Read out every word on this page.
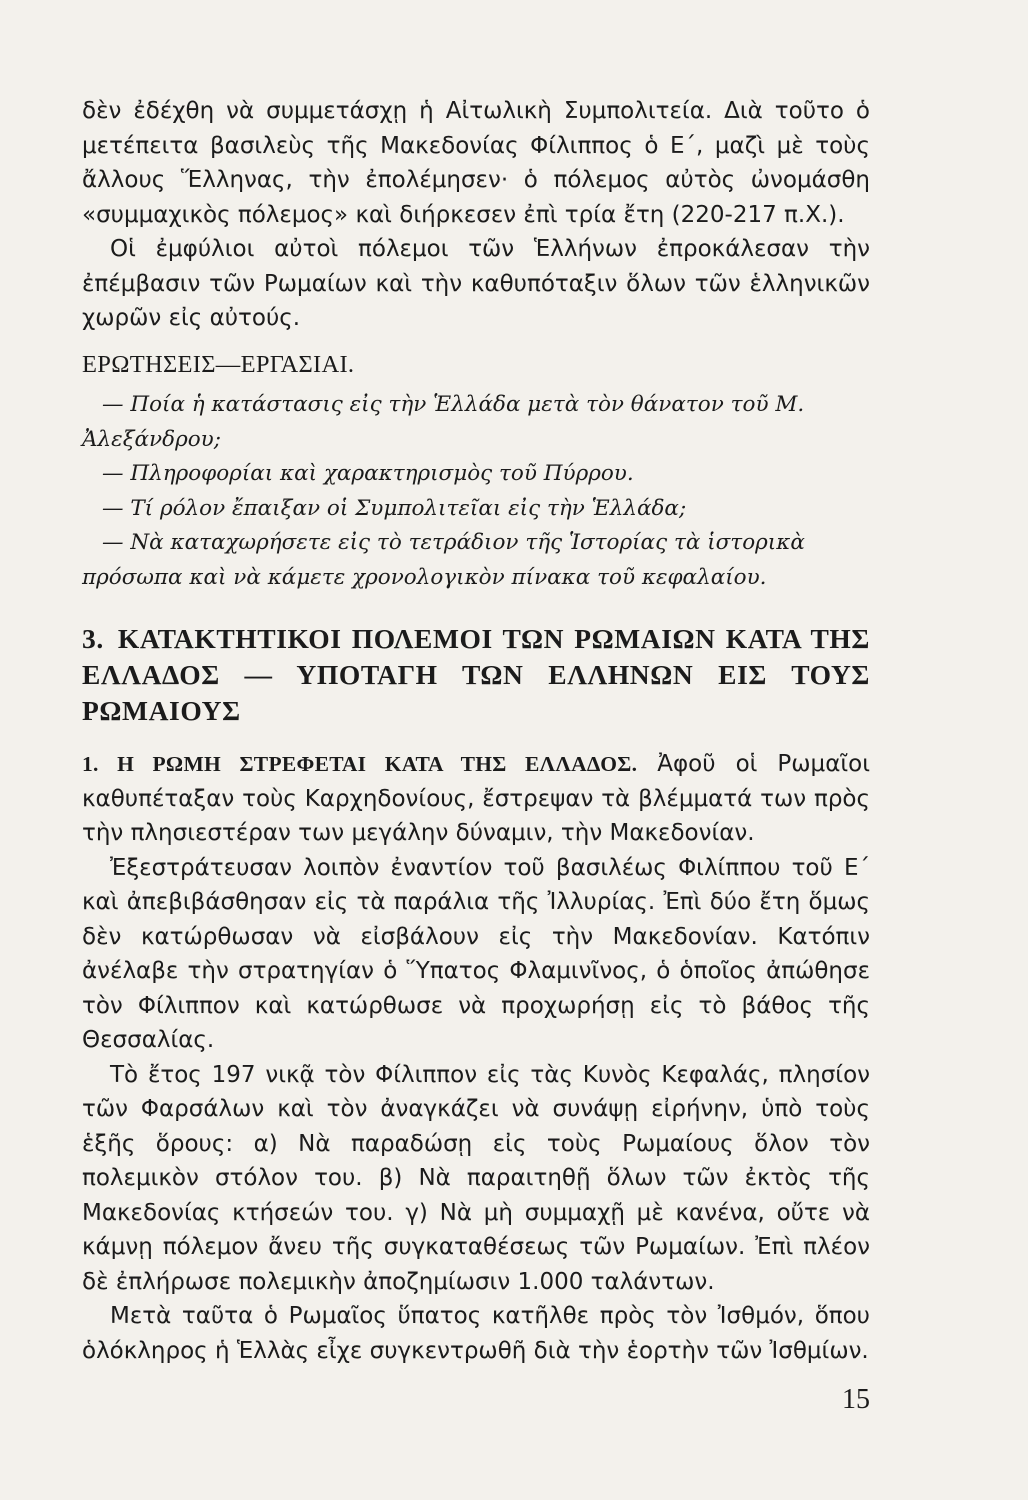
δὲν ἐδέχθη νὰ συμμετάσχῃ ἡ Αἰτωλικὴ Συμπολιτεία. Διὰ τοῦτο ὁ μετέπειτα βασιλεὺς τῆς Μακεδονίας Φίλιππος ὁ Ε΄, μαζὶ μὲ τοὺς ἄλλους Ἕλληνας, τὴν ἐπολέμησεν· ὁ πόλεμος αὐτὸς ὠνομάσθη «συμμαχικὸς πόλεμος» καὶ διήρκεσεν ἐπὶ τρία ἔτη (220-217 π.Χ.).

Οἱ ἐμφύλιοι αὐτοὶ πόλεμοι τῶν Ἑλλήνων ἐπροκάλεσαν τὴν ἐπέμβασιν τῶν Ρωμαίων καὶ τὴν καθυπόταξιν ὅλων τῶν ἑλληνικῶν χωρῶν εἰς αὐτούς.

ΕΡΩΤΗΣΕΙΣ—ΕΡΓΑΣΙΑΙ.

— Ποία ἡ κατάστασις εἰς τὴν Ἑλλάδα μετὰ τὸν θάνατον τοῦ Μ. Ἀλεξάνδρου;

— Πληροφορίαι καὶ χαρακτηρισμὸς τοῦ Πύρρου.

— Τί ρόλον ἔπαιξαν οἱ Συμπολιτεῖαι εἰς τὴν Ἑλλάδα;

— Νὰ καταχωρήσετε εἰς τὸ τετράδιον τῆς Ἱστορίας τὰ ἱστορικὰ πρόσωπα καὶ νὰ κάμετε χρονολογικὸν πίνακα τοῦ κεφαλαίου.

3. ΚΑΤΑΚΤΗΤΙΚΟΙ ΠΟΛΕΜΟΙ ΤΩΝ ΡΩΜΑΙΩΝ ΚΑΤΑ ΤΗΣ ΕΛΛΑΔΟΣ — ΥΠΟΤΑΓΗ ΤΩΝ ΕΛΛΗΝΩΝ ΕΙΣ ΤΟΥΣ ΡΩΜΑΙΟΥΣ

1. Η ΡΩΜΗ ΣΤΡΕΦΕΤΑΙ ΚΑΤΑ ΤΗΣ ΕΛΛΑΔΟΣ. Ἀφοῦ οἱ Ρωμαῖοι καθυπέταξαν τοὺς Καρχηδονίους, ἔστρεψαν τὰ βλέμματά των πρὸς τὴν πλησιεστέραν των μεγάλην δύναμιν, τὴν Μακεδονίαν.

Ἐξεστράτευσαν λοιπὸν ἐναντίον τοῦ βασιλέως Φιλίππου τοῦ Ε΄ καὶ ἀπεβιβάσθησαν εἰς τὰ παράλια τῆς Ἰλλυρίας. Ἐπὶ δύο ἔτη ὅμως δὲν κατώρθωσαν νὰ εἰσβάλουν εἰς τὴν Μακεδονίαν. Κατόπιν ἀνέλαβε τὴν στρατηγίαν ὁ Ὕπατος Φλαμινῖνος, ὁ ὁποῖος ἀπώθησε τὸν Φίλιππον καὶ κατώρθωσε νὰ προχωρήσῃ εἰς τὸ βάθος τῆς Θεσσαλίας.

Τὸ ἔτος 197 νικᾷ τὸν Φίλιππον εἰς τὰς Κυνὸς Κεφαλάς, πλησίον τῶν Φαρσάλων καὶ τὸν ἀναγκάζει νὰ συνάψῃ εἰρήνην, ὑπὸ τοὺς ἑξῆς ὅρους: α) Νὰ παραδώσῃ εἰς τοὺς Ρωμαίους ὅλον τὸν πολεμικὸν στόλον του. β) Νὰ παραιτηθῇ ὅλων τῶν ἐκτὸς τῆς Μακεδονίας κτήσεών του. γ) Νὰ μὴ συμμαχῇ μὲ κανένα, οὔτε νὰ κάμνῃ πόλεμον ἄνευ τῆς συγκαταθέσεως τῶν Ρωμαίων. Ἐπὶ πλέον δὲ ἐπλήρωσε πολεμικὴν ἀποζημίωσιν 1.000 ταλάντων.

Μετὰ ταῦτα ὁ Ρωμαῖος ὕπατος κατῆλθε πρὸς τὸν Ἰσθμόν, ὅπου ὁλόκληρος ἡ Ἑλλὰς εἶχε συγκεντρωθῆ διὰ τὴν ἑορτὴν τῶν Ἰσθμίων.

15
